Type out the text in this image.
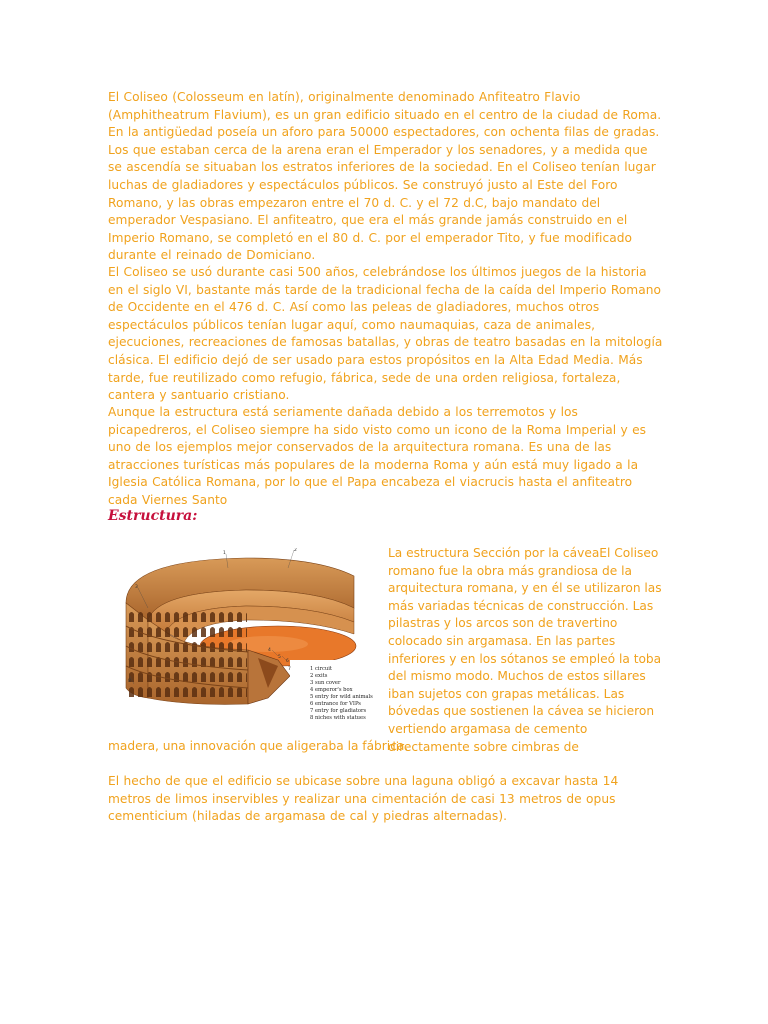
El Coliseo (Colosseum en latín), originalmente denominado Anfiteatro Flavio (Amphitheatrum Flavium), es un gran edificio situado en el centro de la ciudad de Roma. En la antigüedad poseía un aforo para 50000 espectadores, con ochenta filas de gradas. Los que estaban cerca de la arena eran el Emperador y los senadores, y a medida que se ascendía se situaban los estratos inferiores de la sociedad. En el Coliseo tenían lugar luchas de gladiadores y espectáculos públicos. Se construyó justo al Este del Foro Romano, y las obras empezaron entre el 70 d. C. y el 72 d.C, bajo mandato del emperador Vespasiano. El anfiteatro, que era el más grande jamás construido en el Imperio Romano, se completó en el 80 d. C. por el emperador Tito, y fue modificado durante el reinado de Domiciano.

El Coliseo se usó durante casi 500 años, celebrándose los últimos juegos de la historia en el siglo VI, bastante más tarde de la tradicional fecha de la caída del Imperio Romano de Occidente en el 476 d. C. Así como las peleas de gladiadores, muchos otros espectáculos públicos tenían lugar aquí, como naumaquias, caza de animales, ejecuciones, recreaciones de famosas batallas, y obras de teatro basadas en la mitología clásica. El edificio dejó de ser usado para estos propósitos en la Alta Edad Media. Más tarde, fue reutilizado como refugio, fábrica, sede de una orden religiosa, fortaleza, cantera y santuario cristiano.

Aunque la estructura está seriamente dañada debido a los terremotos y los picapedreros, el Coliseo siempre ha sido visto como un icono de la Roma Imperial y es uno de los ejemplos mejor conservados de la arquitectura romana. Es una de las atracciones turísticas más populares de la moderna Roma y aún está muy ligado a la Iglesia Católica Romana, por lo que el Papa encabeza el viacrucis hasta el anfiteatro cada Viernes Santo

Estructura:
1
2
3
4
5
6
7
8
1 circuit
2 exits
3 sun cover
4 emperor's box
5 entry for wild animals
6 entrance for VIPs
7 entry for gladiators
8 niches with statues

La estructura Sección por la cáveaEl Coliseo romano fue la obra más grandiosa de la arquitectura romana, y en él se utilizaron las más variadas técnicas de construcción. Las pilastras y los arcos son de travertino colocado sin argamasa. En las partes inferiores y en los sótanos se empleó la toba del mismo modo. Muchos de estos sillares iban sujetos con grapas metálicas. Las bóvedas que sostienen la cávea se hicieron vertiendo argamasa de cemento directamente sobre cimbras de

madera, una innovación que aligeraba la fábrica.

El hecho de que el edificio se ubicase sobre una laguna obligó a excavar hasta 14 metros de limos inservibles y realizar una cimentación de casi 13 metros de opus cementicium (hiladas de argamasa de cal y piedras alternadas).
